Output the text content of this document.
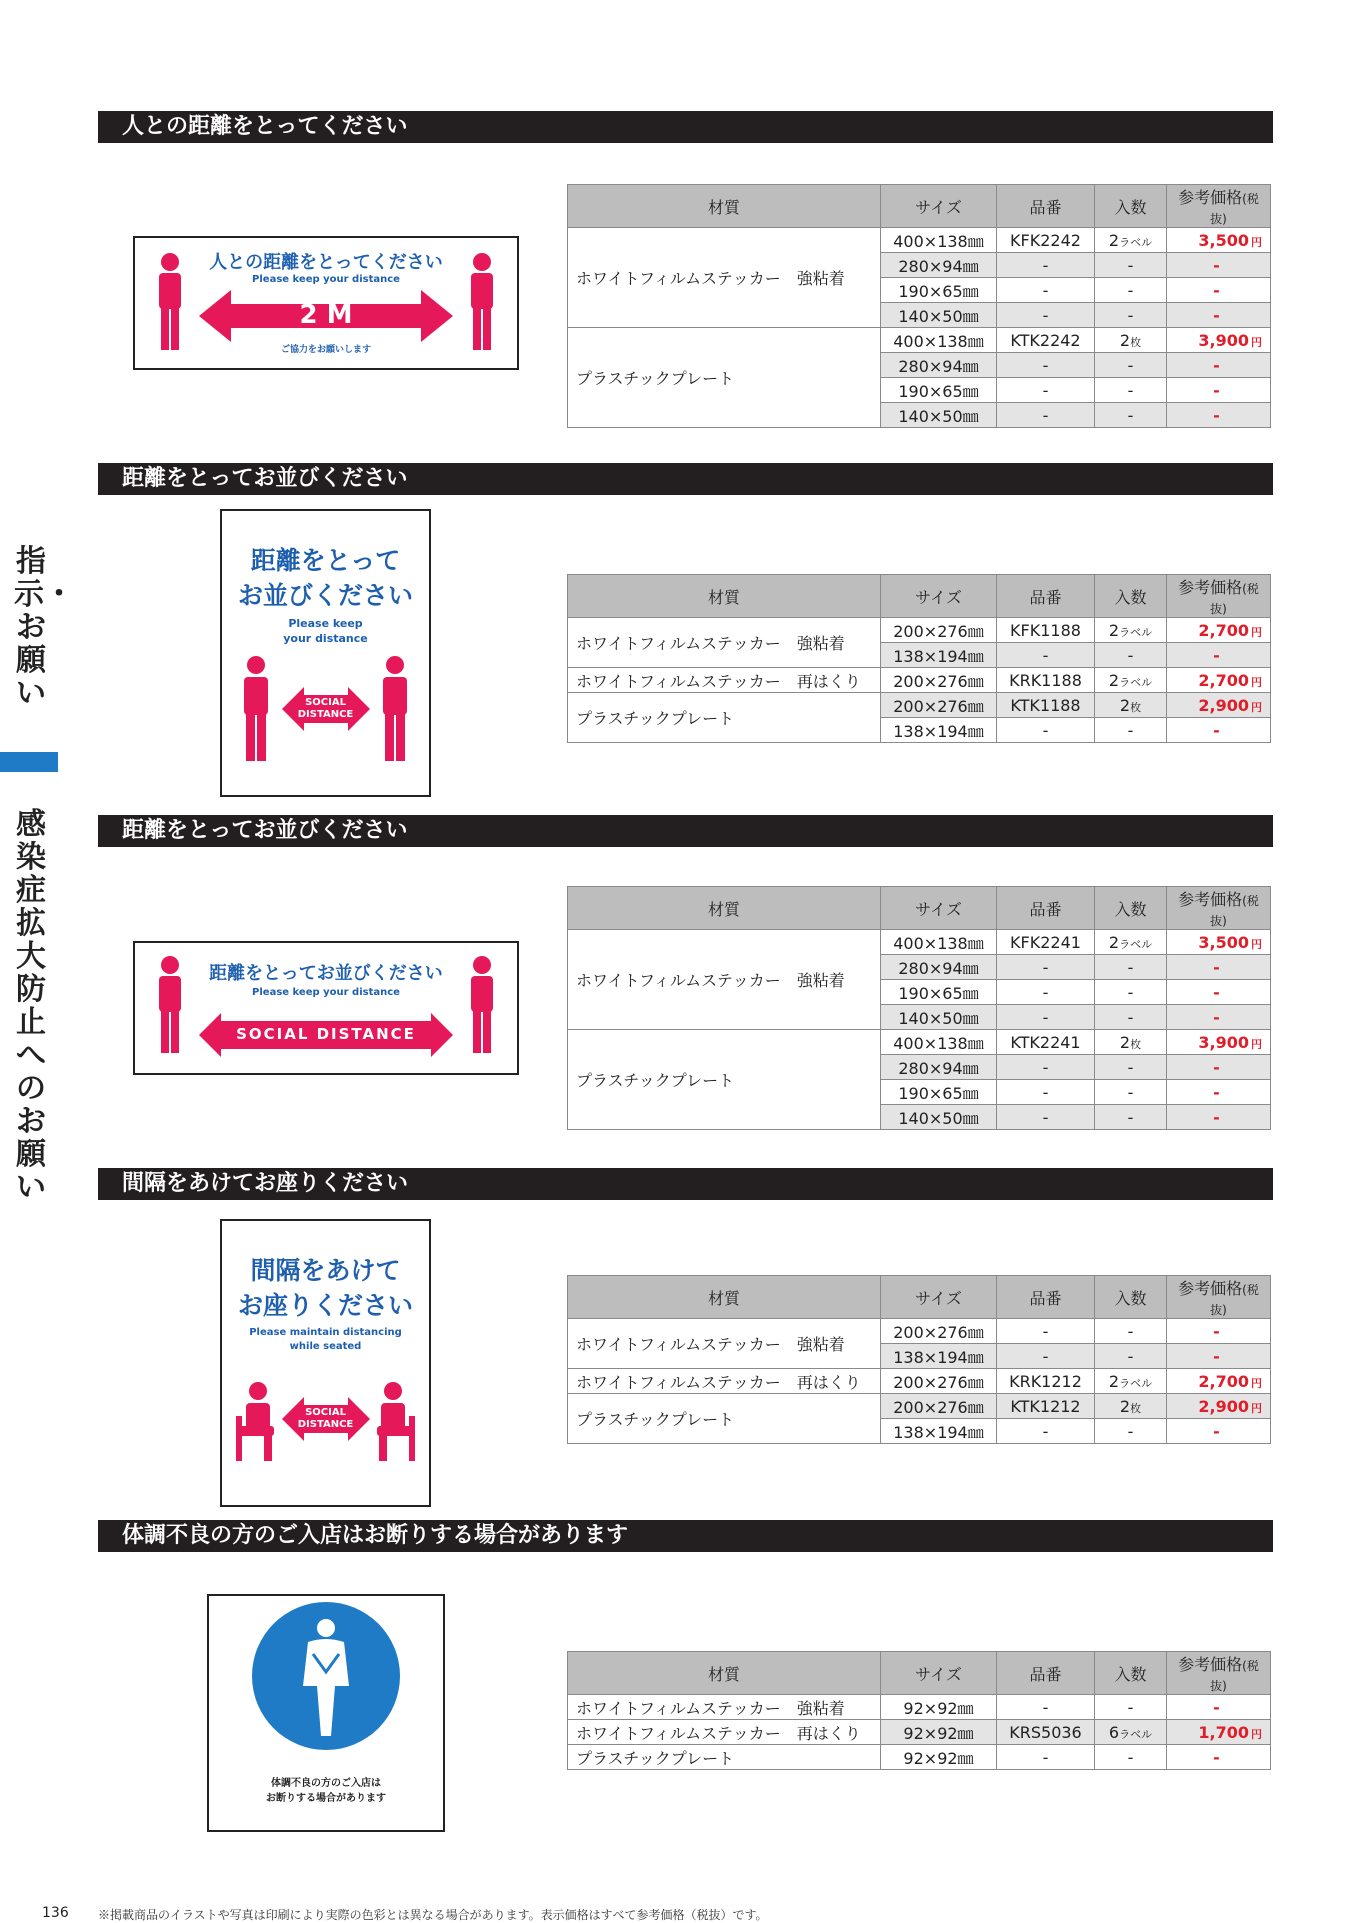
指示・お願い
感染症拡大防止へのお願い
人との距離をとってください
距離をとってお並びください
距離をとってお並びください
間隔をあけてお座りください
体調不良の方のご入店はお断りする場合があります
人との距離をとってください
Please keep your distance
2 M
ご協力をお願いします
距離をとって
お並びください
Please keep
your distance
SOCIAL
DISTANCE
距離をとってお並びください
Please keep your distance
SOCIAL DISTANCE
間隔をあけて
お座りください
Please maintain distancing
while seated
SOCIAL
DISTANCE
体調不良の方のご入店は
お断りする場合があります
材質	サイズ	品番	入数	参考価格(税抜)
ホワイトフィルムステッカー　強粘着	400×138㎜	KFK2242	2ラベル	3,500 円
	280×94㎜	-	-	-
	190×65㎜	-	-	-
	140×50㎜	-	-	-
プラスチックプレート	400×138㎜	KTK2242	2枚	3,900 円
	280×94㎜	-	-	-
	190×65㎜	-	-	-
	140×50㎜	-	-	-
材質	サイズ	品番	入数	参考価格(税抜)
ホワイトフィルムステッカー　強粘着	200×276㎜	KFK1188	2ラベル	2,700 円
	138×194㎜	-	-	-
ホワイトフィルムステッカー　再はくり	200×276㎜	KRK1188	2ラベル	2,700 円
プラスチックプレート	200×276㎜	KTK1188	2枚	2,900 円
	138×194㎜	-	-	-
材質	サイズ	品番	入数	参考価格(税抜)
ホワイトフィルムステッカー　強粘着	400×138㎜	KFK2241	2ラベル	3,500 円
	280×94㎜	-	-	-
	190×65㎜	-	-	-
	140×50㎜	-	-	-
プラスチックプレート	400×138㎜	KTK2241	2枚	3,900 円
	280×94㎜	-	-	-
	190×65㎜	-	-	-
	140×50㎜	-	-	-
材質	サイズ	品番	入数	参考価格(税抜)
ホワイトフィルムステッカー　強粘着	200×276㎜	-	-	-
	138×194㎜	-	-	-
ホワイトフィルムステッカー　再はくり	200×276㎜	KRK1212	2ラベル	2,700 円
プラスチックプレート	200×276㎜	KTK1212	2枚	2,900 円
	138×194㎜	-	-	-
材質	サイズ	品番	入数	参考価格(税抜)
ホワイトフィルムステッカー　強粘着	92×92㎜	-	-	-
ホワイトフィルムステッカー　再はくり	92×92㎜	KRS5036	6ラベル	1,700 円
プラスチックプレート	92×92㎜	-	-	-
136 ※掲載商品のイラストや写真は印刷により実際の色彩とは異なる場合があります。表示価格はすべて参考価格（税抜）です。
